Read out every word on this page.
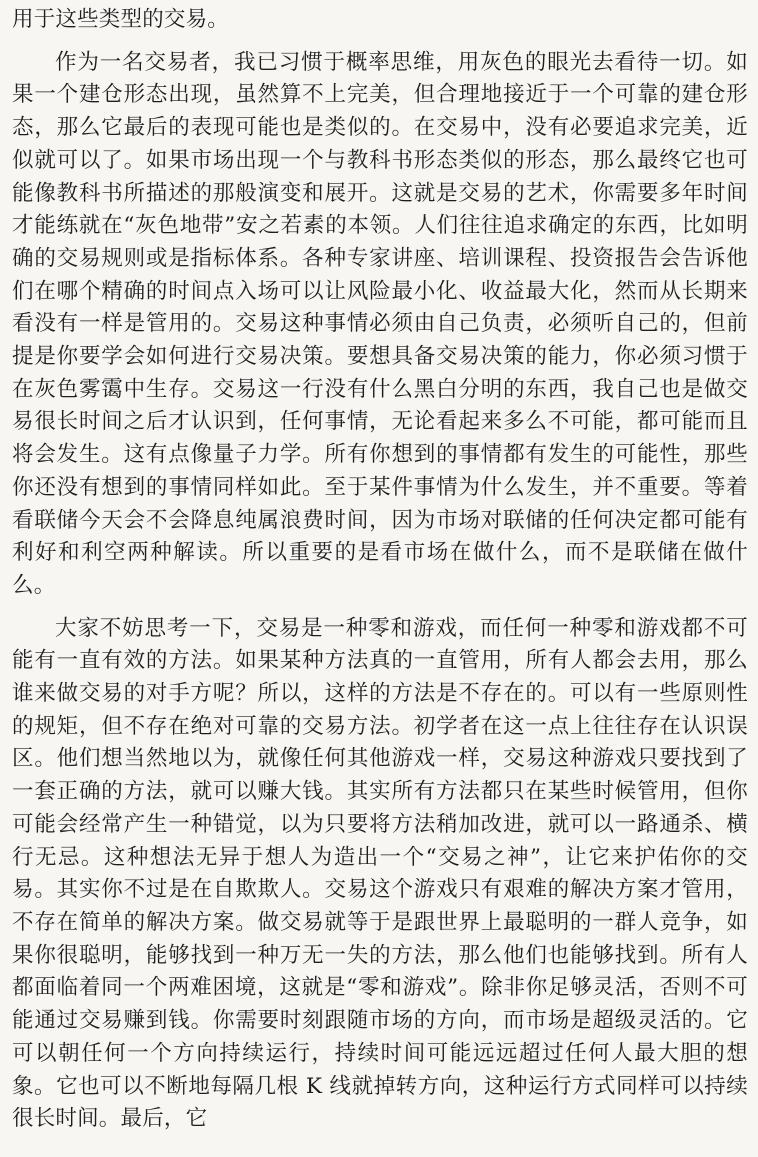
用于这些类型的交易。

作为一名交易者，我已习惯于概率思维，用灰色的眼光去看待一切。如果一个建仓形态出现，虽然算不上完美，但合理地接近于一个可靠的建仓形态，那么它最后的表现可能也是类似的。在交易中，没有必要追求完美，近似就可以了。如果市场出现一个与教科书形态类似的形态，那么最终它也可能像教科书所描述的那般演变和展开。这就是交易的艺术，你需要多年时间才能练就在“灰色地带”安之若素的本领。人们往往追求确定的东西，比如明确的交易规则或是指标体系。各种专家讲座、培训课程、投资报告会告诉他们在哪个精确的时间点入场可以让风险最小化、收益最大化，然而从长期来看没有一样是管用的。交易这种事情必须由自己负责，必须听自己的，但前提是你要学会如何进行交易决策。要想具备交易决策的能力，你必须习惯于在灰色雾霭中生存。交易这一行没有什么黑白分明的东西，我自己也是做交易很长时间之后才认识到，任何事情，无论看起来多么不可能，都可能而且将会发生。这有点像量子力学。所有你想到的事情都有发生的可能性，那些你还没有想到的事情同样如此。至于某件事情为什么发生，并不重要。等着看联储今天会不会降息纯属浪费时间，因为市场对联储的任何决定都可能有利好和利空两种解读。所以重要的是看市场在做什么，而不是联储在做什么。

大家不妨思考一下，交易是一种零和游戏，而任何一种零和游戏都不可能有一直有效的方法。如果某种方法真的一直管用，所有人都会去用，那么谁来做交易的对手方呢？所以，这样的方法是不存在的。可以有一些原则性的规矩，但不存在绝对可靠的交易方法。初学者在这一点上往往存在认识误区。他们想当然地以为，就像任何其他游戏一样，交易这种游戏只要找到了一套正确的方法，就可以赚大钱。其实所有方法都只在某些时候管用，但你可能会经常产生一种错觉，以为只要将方法稍加改进，就可以一路通杀、横行无忌。这种想法无异于想人为造出一个“交易之神”，让它来护佑你的交易。其实你不过是在自欺欺人。交易这个游戏只有艰难的解决方案才管用，不存在简单的解决方案。做交易就等于是跟世界上最聪明的一群人竞争，如果你很聪明，能够找到一种万无一失的方法，那么他们也能够找到。所有人都面临着同一个两难困境，这就是“零和游戏”。除非你足够灵活，否则不可能通过交易赚到钱。你需要时刻跟随市场的方向，而市场是超级灵活的。它可以朝任何一个方向持续运行，持续时间可能远远超过任何人最大胆的想象。它也可以不断地每隔几根 K 线就掉转方向，这种运行方式同样可以持续很长时间。最后，它
